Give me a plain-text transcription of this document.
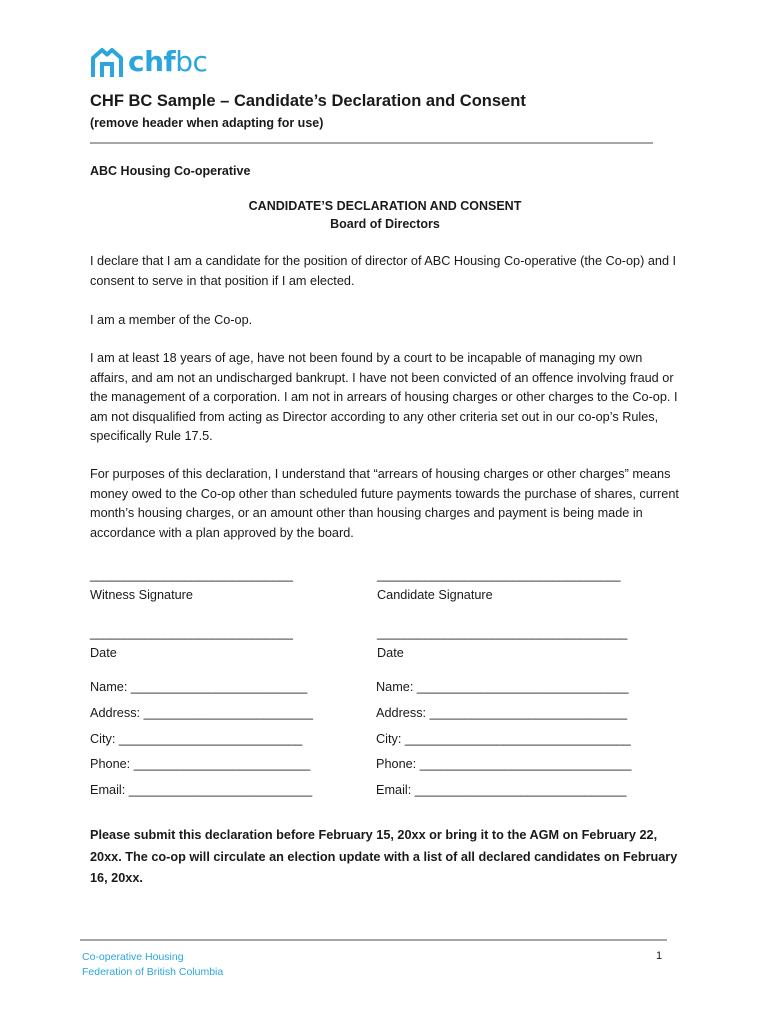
chfbc
CHF BC Sample – Candidate’s Declaration and Consent
(remove header when adapting for use)
ABC Housing Co-operative
CANDIDATE’S DECLARATION AND CONSENT
Board of Directors
I declare that I am a candidate for the position of director of ABC Housing Co-operative (the Co-op) and I consent to serve in that position if I am elected.
I am a member of the Co-op.
I am at least 18 years of age, have not been found by a court to be incapable of managing my own affairs, and am not an undischarged bankrupt. I have not been convicted of an offence involving fraud or the management of a corporation. I am not in arrears of housing charges or other charges to the Co-op. I am not disqualified from acting as Director according to any other criteria set out in our co-op’s Rules, specifically Rule 17.5.
For purposes of this declaration, I understand that “arrears of housing charges or other charges” means money owed to the Co-op other than scheduled future payments towards the purchase of shares, current month’s housing charges, or an amount other than housing charges and payment is being made in accordance with a plan approved by the board.
______________________________
Witness Signature
____________________________________
Candidate Signature
______________________________
Date
_____________________________________
Date
Name: _________________________
Address: ________________________
City: __________________________
Phone: _________________________
Email: __________________________
Name: ______________________________
Address: ____________________________
City: ________________________________
Phone: ______________________________
Email: ______________________________
Please submit this declaration before February 15, 20xx or bring it to the AGM on February 22, 20xx. The co-op will circulate an election update with a list of all declared candidates on February 16, 20xx.
Co-operative Housing
Federation of British Columbia
1
